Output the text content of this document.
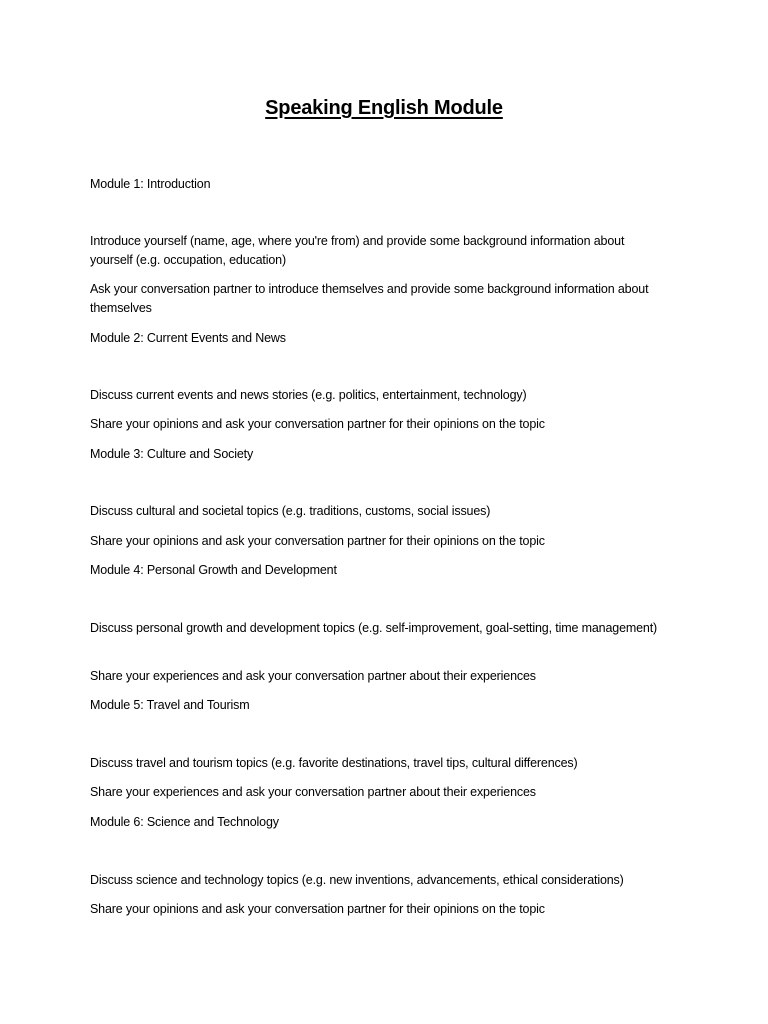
Speaking English Module

Module 1: Introduction

Introduce yourself (name, age, where you're from) and provide some background information about yourself (e.g. occupation, education)

Ask your conversation partner to introduce themselves and provide some background information about themselves

Module 2: Current Events and News

Discuss current events and news stories (e.g. politics, entertainment, technology)

Share your opinions and ask your conversation partner for their opinions on the topic

Module 3: Culture and Society

Discuss cultural and societal topics (e.g. traditions, customs, social issues)

Share your opinions and ask your conversation partner for their opinions on the topic

Module 4: Personal Growth and Development

Discuss personal growth and development topics (e.g. self-improvement, goal-setting, time management)

Share your experiences and ask your conversation partner about their experiences

Module 5: Travel and Tourism

Discuss travel and tourism topics (e.g. favorite destinations, travel tips, cultural differences)

Share your experiences and ask your conversation partner about their experiences

Module 6: Science and Technology

Discuss science and technology topics (e.g. new inventions, advancements, ethical considerations)

Share your opinions and ask your conversation partner for their opinions on the topic
